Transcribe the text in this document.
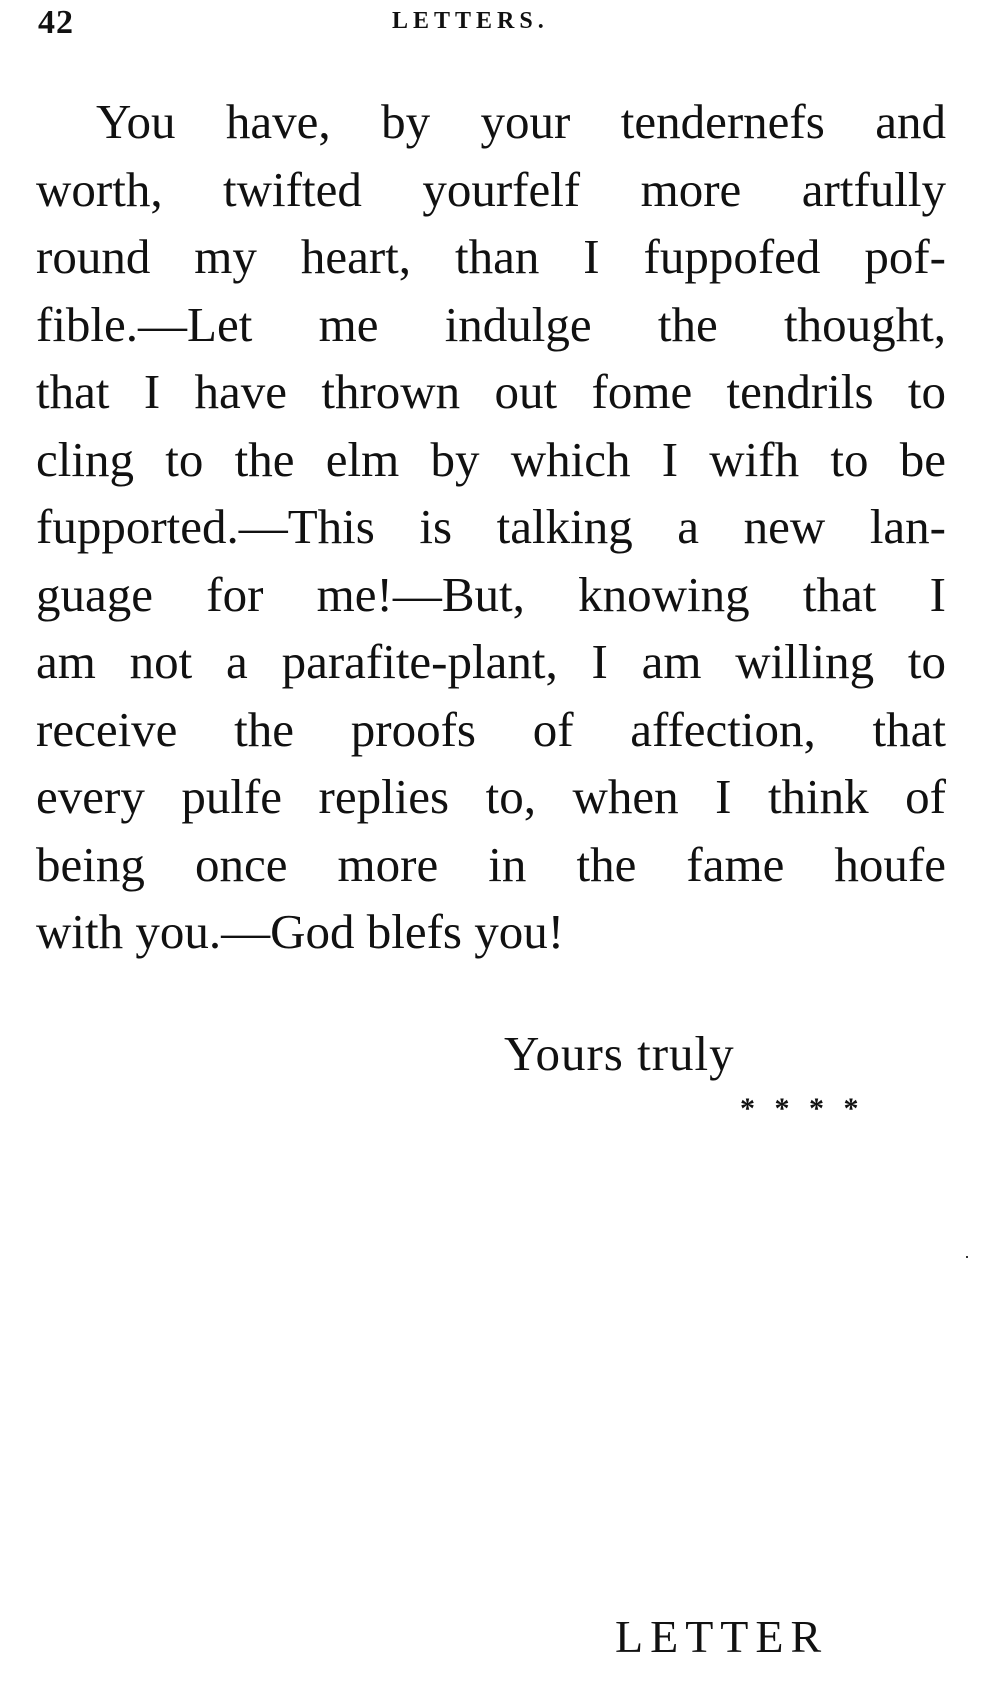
42	LETTERS.
You have, by your tendernefs and
worth, twifted yourfelf more artfully
round my heart, than I fuppofed pof-
fible.—Let me indulge the thought,
that I have thrown out fome tendrils to
cling to the elm by which I wifh to be
fupported.—This is talking a new lan-
guage for me!—But, knowing that I
am not a parafite-plant, I am willing to
receive the proofs of affection, that
every pulfe replies to, when I think of
being once more in the fame houfe
with you.—God blefs you!
Yours truly
* * * *
LETTER
